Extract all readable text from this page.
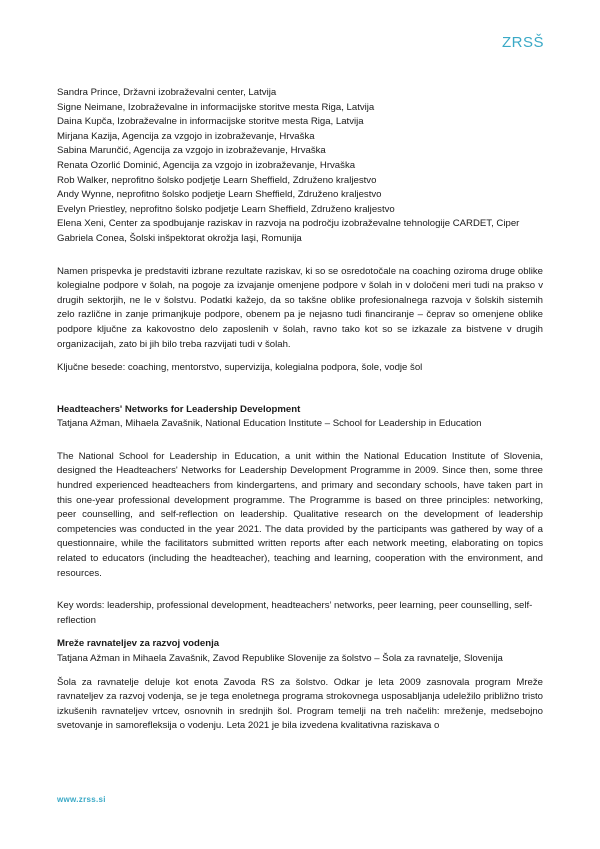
ZRSŠ
Sandra Prince, Državni izobraževalni center, Latvija
Signe Neimane, Izobraževalne in informacijske storitve mesta Riga, Latvija
Daina Kupča, Izobraževalne in informacijske storitve mesta Riga, Latvija
Mirjana Kazija, Agencija za vzgojo in izobraževanje, Hrvaška
Sabina Marunčić, Agencija za vzgojo in izobraževanje, Hrvaška
Renata Ozorlić Dominić, Agencija za vzgojo in izobraževanje, Hrvaška
Rob Walker, neprofitno šolsko podjetje Learn Sheffield, Združeno kraljestvo
Andy Wynne, neprofitno šolsko podjetje Learn Sheffield, Združeno kraljestvo
Evelyn Priestley, neprofitno šolsko podjetje Learn Sheffield, Združeno kraljestvo
Elena Xeni, Center za spodbujanje raziskav in razvoja na področju izobraževalne tehnologije CARDET, Ciper
Gabriela Conea, Šolski inšpektorat okrožja Iaşi, Romunija

Namen prispevka je predstaviti izbrane rezultate raziskav, ki so se osredotočale na coaching oziroma druge oblike kolegialne podpore v šolah, na pogoje za izvajanje omenjene podpore v šolah in v določeni meri tudi na prakso v drugih sektorjih, ne le v šolstvu. Podatki kažejo, da so takšne oblike profesionalnega razvoja v šolskih sistemih zelo različne in zanje primanjkuje podpore, obenem pa je nejasno tudi financiranje – čeprav so omenjene oblike podpore ključne za kakovostno delo zaposlenih v šolah, ravno tako kot so se izkazale za bistvene v drugih organizacijah, zato bi jih bilo treba razvijati tudi v šolah.

Ključne besede: coaching, mentorstvo, supervizija, kolegialna podpora, šole, vodje šol

Headteachers' Networks for Leadership Development

Tatjana Ažman, Mihaela Zavašnik, National Education Institute – School for Leadership in Education

The National School for Leadership in Education, a unit within the National Education Institute of Slovenia, designed the Headteachers' Networks for Leadership Development Programme in 2009. Since then, some three hundred experienced headteachers from kindergartens, and primary and secondary schools, have taken part in this one-year professional development programme. The Programme is based on three principles: networking, peer counselling, and self-reflection on leadership. Qualitative research on the development of leadership competencies was conducted in the year 2021. The data provided by the participants was gathered by way of a questionnaire, while the facilitators submitted written reports after each network meeting, elaborating on topics related to educators (including the headteacher), teaching and learning, cooperation with the environment, and resources.

Key words: leadership, professional development, headteachers’ networks, peer learning, peer counselling, self-reflection

Mreže ravnateljev za razvoj vodenja

Tatjana Ažman in Mihaela Zavašnik, Zavod Republike Slovenije za šolstvo – Šola za ravnatelje, Slovenija

Šola za ravnatelje deluje kot enota Zavoda RS za šolstvo. Odkar je leta 2009 zasnovala program Mreže ravnateljev za razvoj vodenja, se je tega enoletnega programa strokovnega usposabljanja udeležilo približno tristo izkušenih ravnateljev vrtcev, osnovnih in srednjih šol. Program temelji na treh načelih: mreženje, medsebojno svetovanje in samorefleksija o vodenju. Leta 2021 je bila izvedena kvalitativna raziskava o

www.zrss.si
